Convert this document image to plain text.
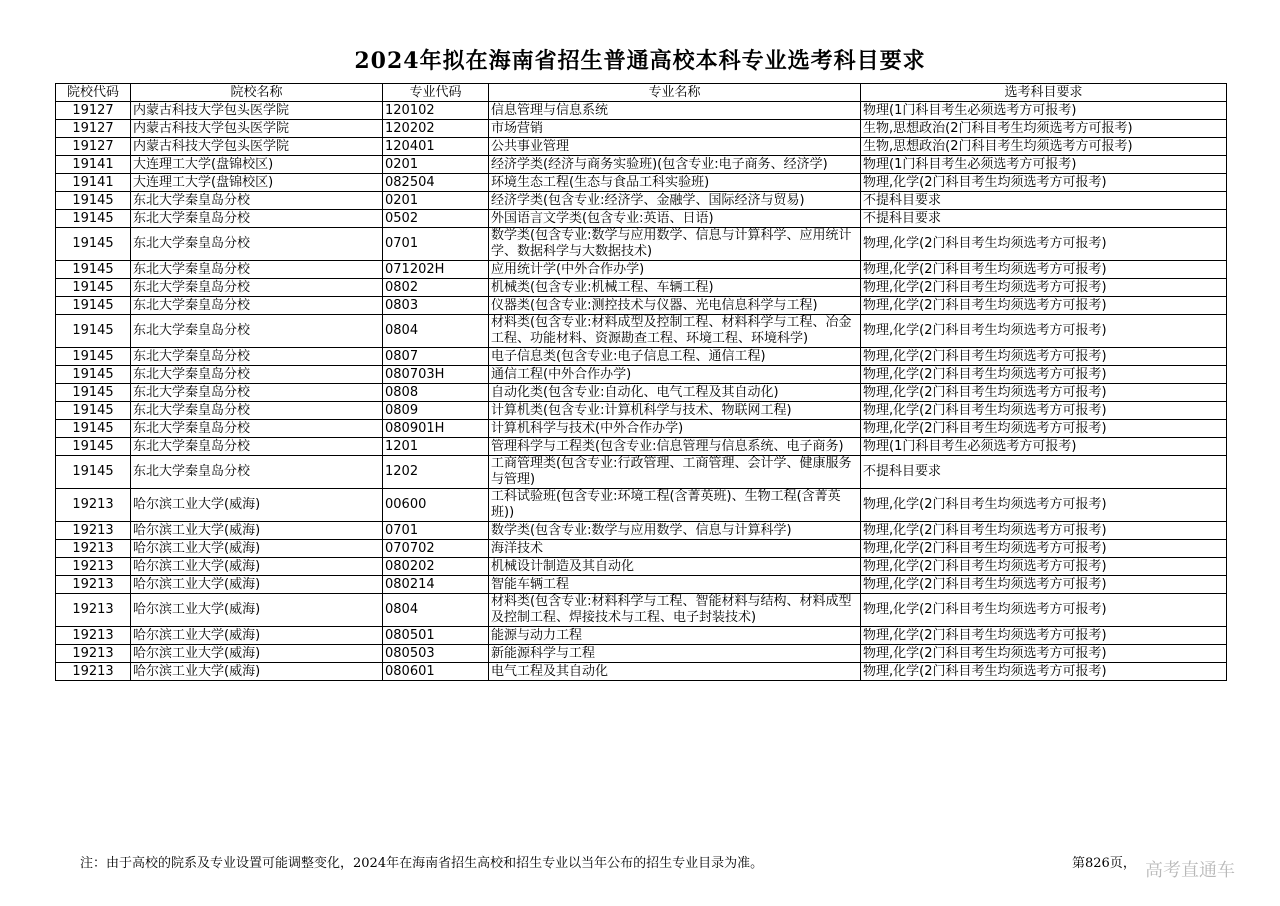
2024年拟在海南省招生普通高校本科专业选考科目要求
院校代码	院校名称	专业代码	专业名称	选考科目要求
19127	内蒙古科技大学包头医学院	120102	信息管理与信息系统	物理(1门科目考生必须选考方可报考)
19127	内蒙古科技大学包头医学院	120202	市场营销	生物,思想政治(2门科目考生均须选考方可报考)
19127	内蒙古科技大学包头医学院	120401	公共事业管理	生物,思想政治(2门科目考生均须选考方可报考)
19141	大连理工大学(盘锦校区)	0201	经济学类(经济与商务实验班)(包含专业:电子商务、经济学)	物理(1门科目考生必须选考方可报考)
19141	大连理工大学(盘锦校区)	082504	环境生态工程(生态与食品工科实验班)	物理,化学(2门科目考生均须选考方可报考)
19145	东北大学秦皇岛分校	0201	经济学类(包含专业:经济学、金融学、国际经济与贸易)	不提科目要求
19145	东北大学秦皇岛分校	0502	外国语言文学类(包含专业:英语、日语)	不提科目要求
19145	东北大学秦皇岛分校	0701	数学类(包含专业:数学与应用数学、信息与计算科学、应用统计学、数据科学与大数据技术)	物理,化学(2门科目考生均须选考方可报考)
19145	东北大学秦皇岛分校	071202H	应用统计学(中外合作办学)	物理,化学(2门科目考生均须选考方可报考)
19145	东北大学秦皇岛分校	0802	机械类(包含专业:机械工程、车辆工程)	物理,化学(2门科目考生均须选考方可报考)
19145	东北大学秦皇岛分校	0803	仪器类(包含专业:测控技术与仪器、光电信息科学与工程)	物理,化学(2门科目考生均须选考方可报考)
19145	东北大学秦皇岛分校	0804	材料类(包含专业:材料成型及控制工程、材料科学与工程、冶金工程、功能材料、资源勘查工程、环境工程、环境科学)	物理,化学(2门科目考生均须选考方可报考)
19145	东北大学秦皇岛分校	0807	电子信息类(包含专业:电子信息工程、通信工程)	物理,化学(2门科目考生均须选考方可报考)
19145	东北大学秦皇岛分校	080703H	通信工程(中外合作办学)	物理,化学(2门科目考生均须选考方可报考)
19145	东北大学秦皇岛分校	0808	自动化类(包含专业:自动化、电气工程及其自动化)	物理,化学(2门科目考生均须选考方可报考)
19145	东北大学秦皇岛分校	0809	计算机类(包含专业:计算机科学与技术、物联网工程)	物理,化学(2门科目考生均须选考方可报考)
19145	东北大学秦皇岛分校	080901H	计算机科学与技术(中外合作办学)	物理,化学(2门科目考生均须选考方可报考)
19145	东北大学秦皇岛分校	1201	管理科学与工程类(包含专业:信息管理与信息系统、电子商务)	物理(1门科目考生必须选考方可报考)
19145	东北大学秦皇岛分校	1202	工商管理类(包含专业:行政管理、工商管理、会计学、健康服务与管理)	不提科目要求
19213	哈尔滨工业大学(威海)	00600	工科试验班(包含专业:环境工程(含菁英班)、生物工程(含菁英班))	物理,化学(2门科目考生均须选考方可报考)
19213	哈尔滨工业大学(威海)	0701	数学类(包含专业:数学与应用数学、信息与计算科学)	物理,化学(2门科目考生均须选考方可报考)
19213	哈尔滨工业大学(威海)	070702	海洋技术	物理,化学(2门科目考生均须选考方可报考)
19213	哈尔滨工业大学(威海)	080202	机械设计制造及其自动化	物理,化学(2门科目考生均须选考方可报考)
19213	哈尔滨工业大学(威海)	080214	智能车辆工程	物理,化学(2门科目考生均须选考方可报考)
19213	哈尔滨工业大学(威海)	0804	材料类(包含专业:材料科学与工程、智能材料与结构、材料成型及控制工程、焊接技术与工程、电子封装技术)	物理,化学(2门科目考生均须选考方可报考)
19213	哈尔滨工业大学(威海)	080501	能源与动力工程	物理,化学(2门科目考生均须选考方可报考)
19213	哈尔滨工业大学(威海)	080503	新能源科学与工程	物理,化学(2门科目考生均须选考方可报考)
19213	哈尔滨工业大学(威海)	080601	电气工程及其自动化	物理,化学(2门科目考生均须选考方可报考)
注：由于高校的院系及专业设置可能调整变化，2024年在海南省招生高校和招生专业以当年公布的招生专业目录为准。	第826页， 高考直通车
